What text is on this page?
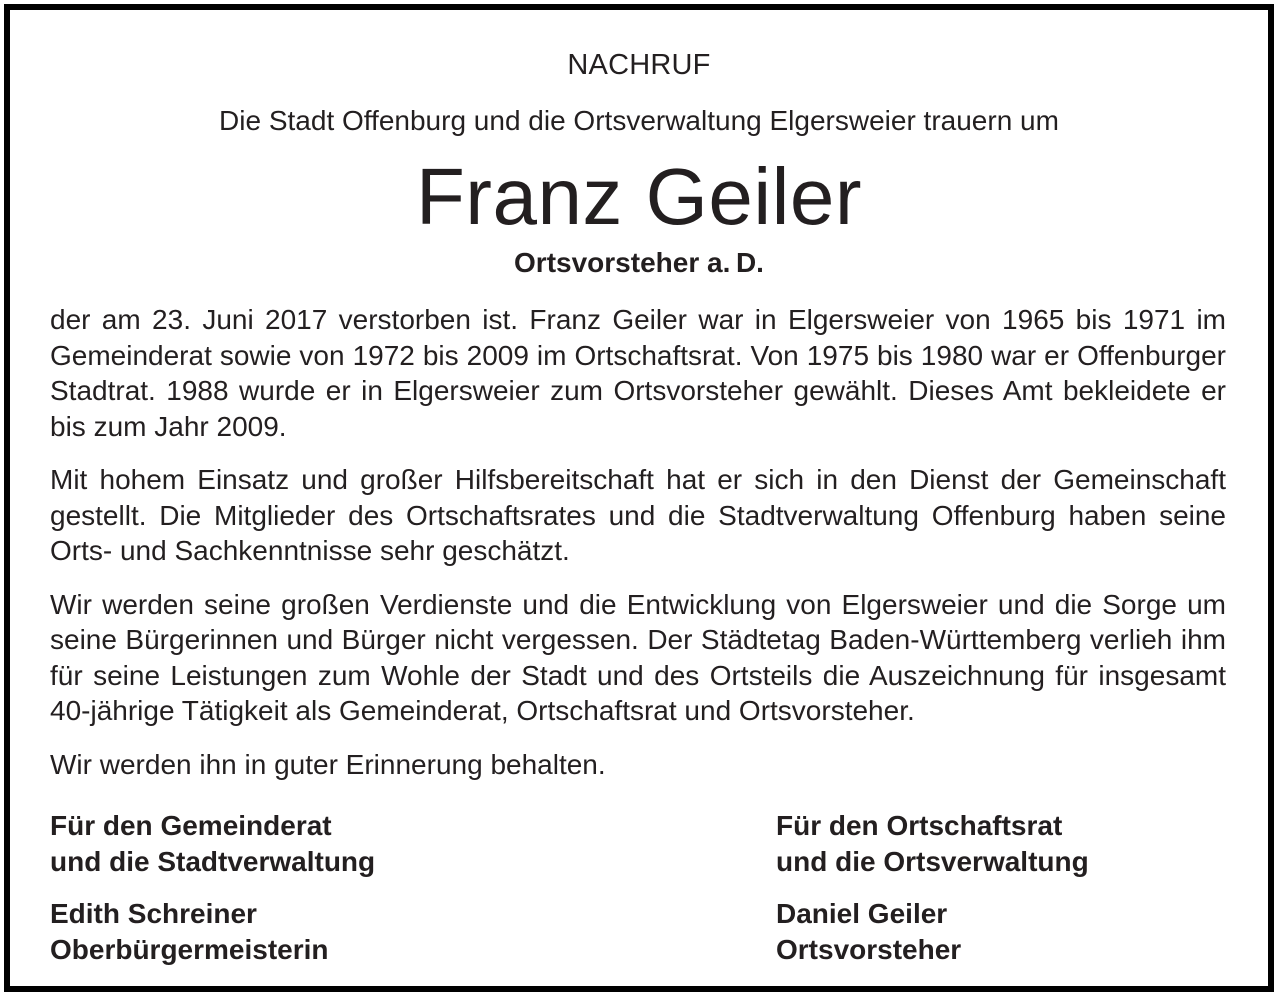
NACHRUF
Die Stadt Offenburg und die Ortsverwaltung Elgersweier trauern um
Franz Geiler
Ortsvorsteher a. D.

der am 23. Juni 2017 verstorben ist. Franz Geiler war in Elgersweier von 1965 bis 1971 im Gemeinderat sowie von 1972 bis 2009 im Ortschaftsrat. Von 1975 bis 1980 war er Offenburger Stadtrat. 1988 wurde er in Elgersweier zum Ortsvorsteher gewählt. Dieses Amt bekleidete er bis zum Jahr 2009.

Mit hohem Einsatz und großer Hilfsbereitschaft hat er sich in den Dienst der Gemeinschaft gestellt. Die Mitglieder des Ortschaftsrates und die Stadtverwaltung Offenburg haben seine Orts- und Sachkenntnisse sehr geschätzt.

Wir werden seine großen Verdienste und die Entwicklung von Elgersweier und die Sorge um seine Bürgerinnen und Bürger nicht vergessen. Der Städtetag Baden-Württemberg verlieh ihm für seine Leistungen zum Wohle der Stadt und des Ortsteils die Auszeichnung für insgesamt 40-jährige Tätigkeit als Gemeinderat, Ortschaftsrat und Ortsvorsteher.

Wir werden ihn in guter Erinnerung behalten.

Für den Gemeinderat
und die Stadtverwaltung
Edith Schreiner
Oberbürgermeisterin
Für den Ortschaftsrat
und die Ortsverwaltung
Daniel Geiler
Ortsvorsteher
